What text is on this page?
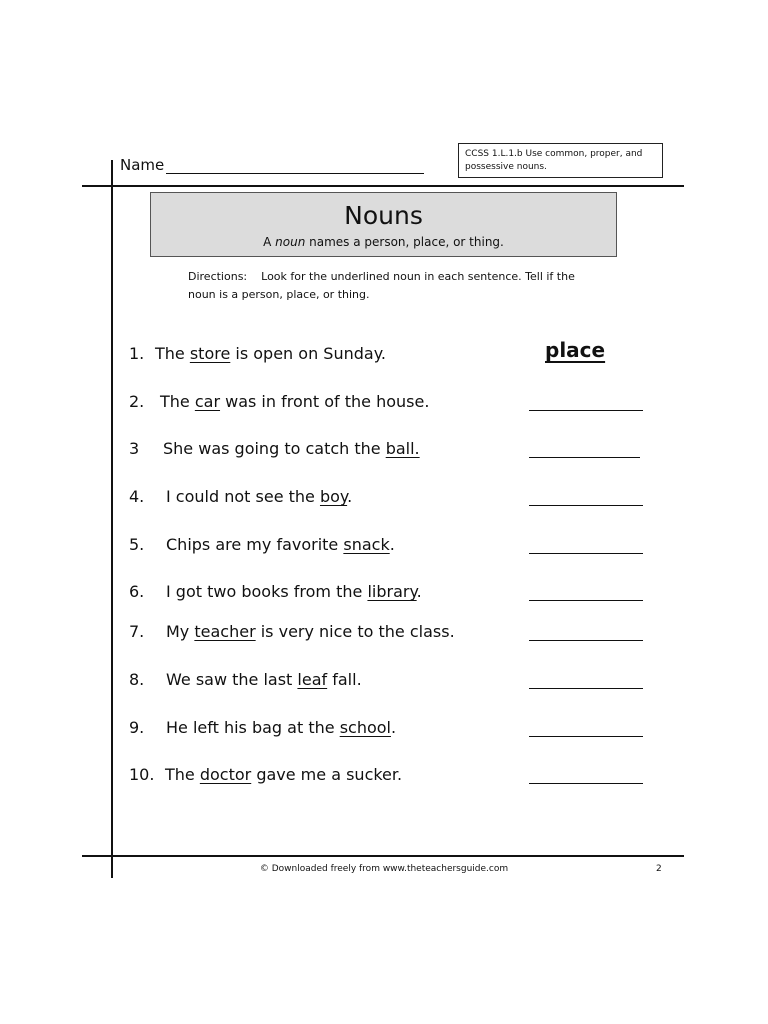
Name
CCSS 1.L.1.b Use common, proper, and possessive nouns.
Nouns
A noun names a person, place, or thing.
Directions: Look for the underlined noun in each sentence. Tell if the noun is a person, place, or thing.
1. The store is open on Sunday.
2. The car was in front of the house.
3 She was going to catch the ball.
4. I could not see the boy.
5. Chips are my favorite snack.
6. I got two books from the library.
7. My teacher is very nice to the class.
8. We saw the last leaf fall.
9. He left his bag at the school.
10. The doctor gave me a sucker.
place
© Downloaded freely from www.theteachersguide.com	2
